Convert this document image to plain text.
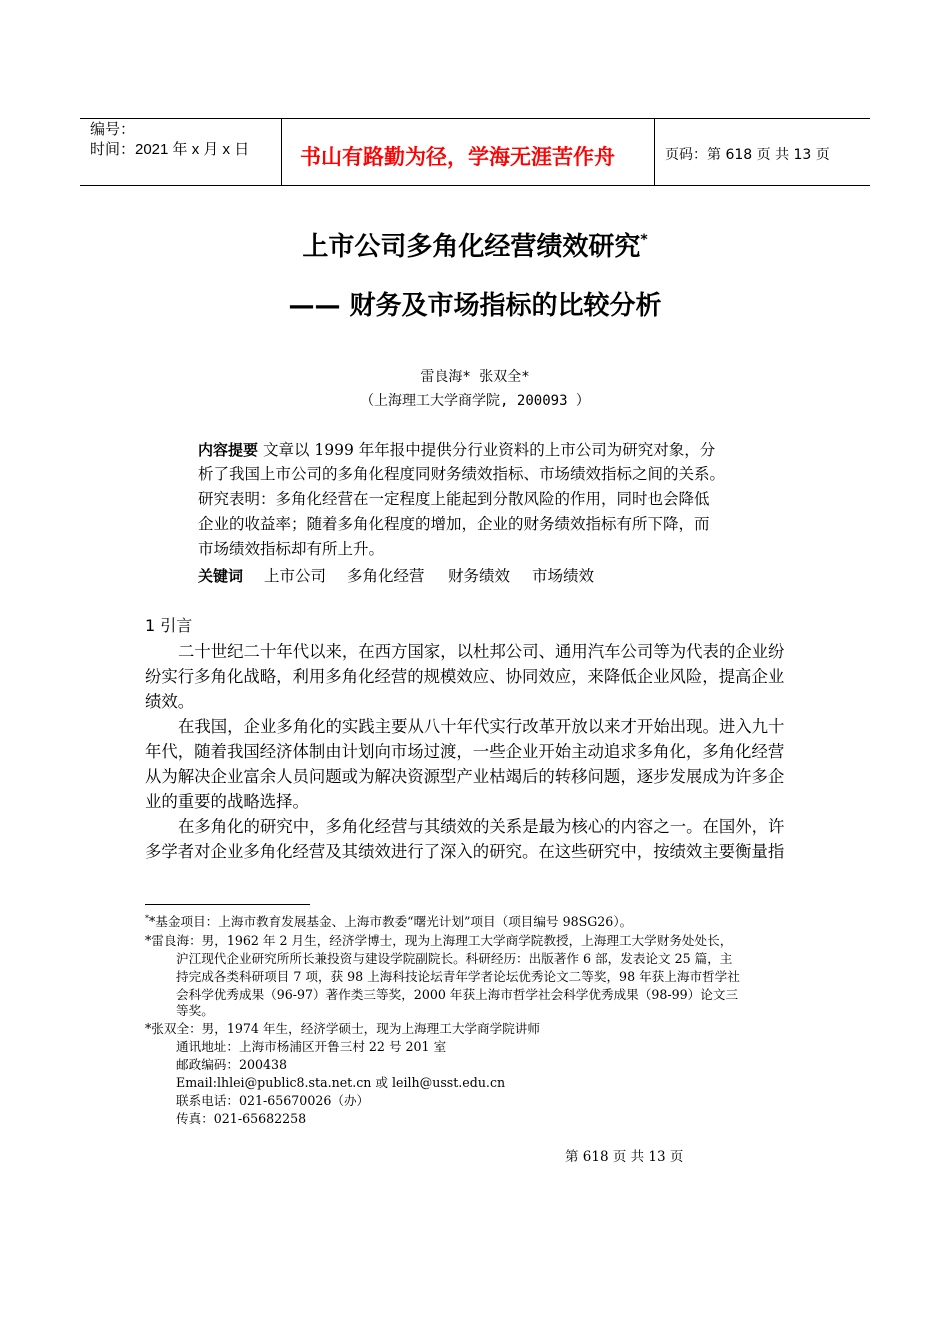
编号：
时间：2021 年 x 月 x 日 书山有路勤为径，学海无涯苦作舟	页码：第 618 页 共 13 页
上市公司多角化经营绩效研究*
—— 财务及市场指标的比较分析
雷良海* 张双全*
（上海理工大学商学院, 200093 ）
内容提要 文章以 1999 年年报中提供分行业资料的上市公司为研究对象，分
析了我国上市公司的多角化程度同财务绩效指标、市场绩效指标之间的关系。
研究表明：多角化经营在一定程度上能起到分散风险的作用，同时也会降低
企业的收益率；随着多角化程度的增加，企业的财务绩效指标有所下降，而
市场绩效指标却有所上升。
关键词 上市公司 多角化经营 财务绩效 市场绩效
1 引言
二十世纪二十年代以来，在西方国家，以杜邦公司、通用汽车公司等为代表的企业纷
纷实行多角化战略，利用多角化经营的规模效应、协同效应，来降低企业风险，提高企业
绩效。
在我国，企业多角化的实践主要从八十年代实行改革开放以来才开始出现。进入九十
年代，随着我国经济体制由计划向市场过渡，一些企业开始主动追求多角化，多角化经营
从为解决企业富余人员问题或为解决资源型产业枯竭后的转移问题，逐步发展成为许多企
业的重要的战略选择。
在多角化的研究中，多角化经营与其绩效的关系是最为核心的内容之一。在国外，许
多学者对企业多角化经营及其绩效进行了深入的研究。在这些研究中，按绩效主要衡量指
**基金项目：上海市教育发展基金、上海市教委“曙光计划”项目（项目编号 98SG26）。
*雷良海：男，1962 年 2 月生，经济学博士，现为上海理工大学商学院教授，上海理工大学财务处处长，
沪江现代企业研究所所长兼投资与建设学院副院长。科研经历：出版著作 6 部，发表论文 25 篇，主
持完成各类科研项目 7 项，获 98 上海科技论坛青年学者论坛优秀论文二等奖，98 年获上海市哲学社
会科学优秀成果（96-97）著作类三等奖，2000 年获上海市哲学社会科学优秀成果（98-99）论文三
等奖。
*张双全：男，1974 年生，经济学硕士，现为上海理工大学商学院讲师
通讯地址：上海市杨浦区开鲁三村 22 号 201 室
邮政编码：200438
Email:lhlei@public8.sta.net.cn 或 leilh@usst.edu.cn
联系电话：021-65670026（办）
传真：021-65682258
第 618 页 共 13 页
